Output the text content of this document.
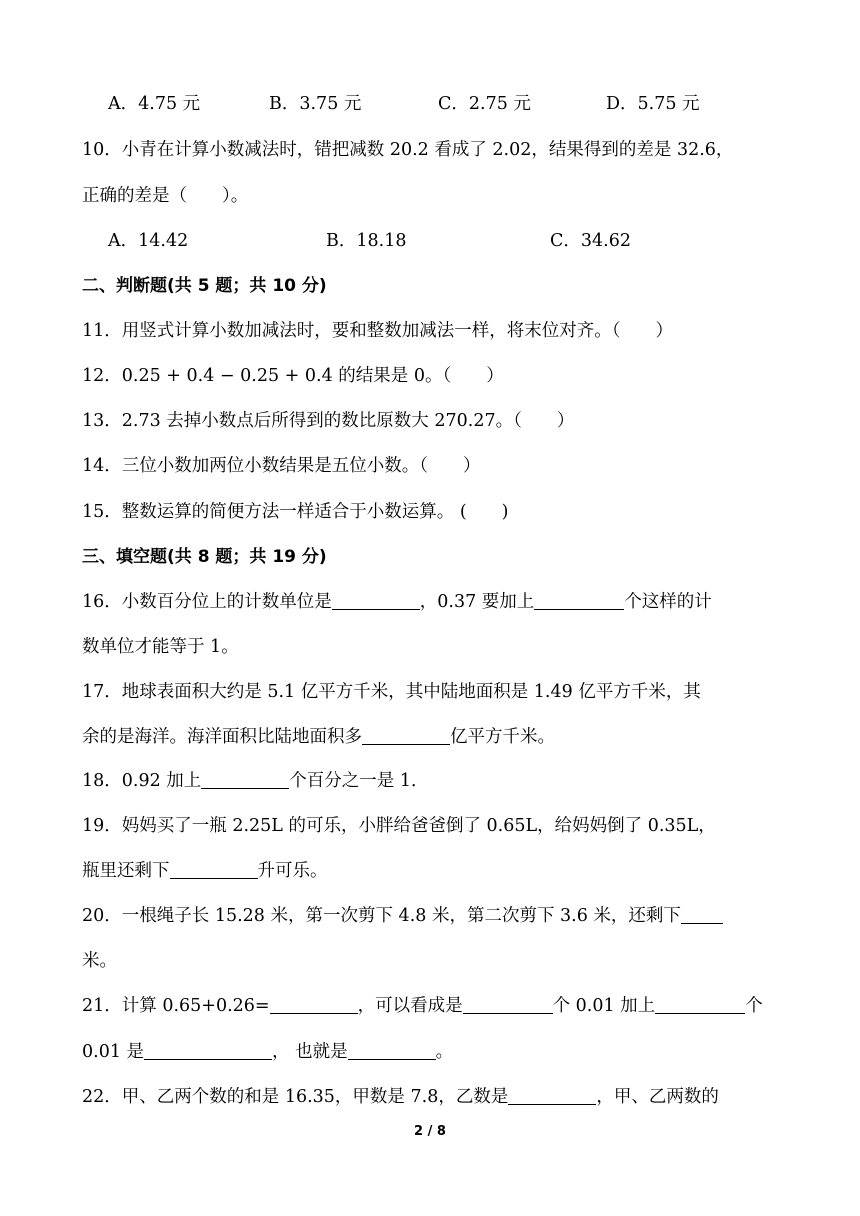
A．4.75 元	B．3.75 元	C．2.75 元	D．5.75 元
10．小青在计算小数减法时，错把减数 20.2 看成了 2.02，结果得到的差是 32.6，
正确的差是（　　）。
A．14.42	B．18.18	C．34.62
二、判断题(共 5 题；共 10 分)
11．用竖式计算小数加减法时，要和整数加减法一样，将末位对齐。（　　）
12．0.25 + 0.4 − 0.25 + 0.4 的结果是 0。（　　）
13．2.73 去掉小数点后所得到的数比原数大 270.27。（　　）
14．三位小数加两位小数结果是五位小数。（　　）
15．整数运算的简便方法一样适合于小数运算。 (　　)
三、填空题(共 8 题；共 19 分)
16．小数百分位上的计数单位是	，0.37 要加上	个这样的计
数单位才能等于 1。
17．地球表面积大约是 5.1 亿平方千米，其中陆地面积是 1.49 亿平方千米，其
余的是海洋。海洋面积比陆地面积多	亿平方千米。
18．0.92 加上	个百分之一是 1．
19．妈妈买了一瓶 2.25L 的可乐，小胖给爸爸倒了 0.65L，给妈妈倒了 0.35L，
瓶里还剩下	升可乐。
20．一根绳子长 15.28 米，第一次剪下 4.8 米，第二次剪下 3.6 米，还剩下
米。
21．计算 0.65+0.26=	，可以看成是	个 0.01 加上	个
0.01 是	， 也就是	。
22．甲、乙两个数的和是 16.35，甲数是 7.8，乙数是	，甲、乙两数的
2 / 8
